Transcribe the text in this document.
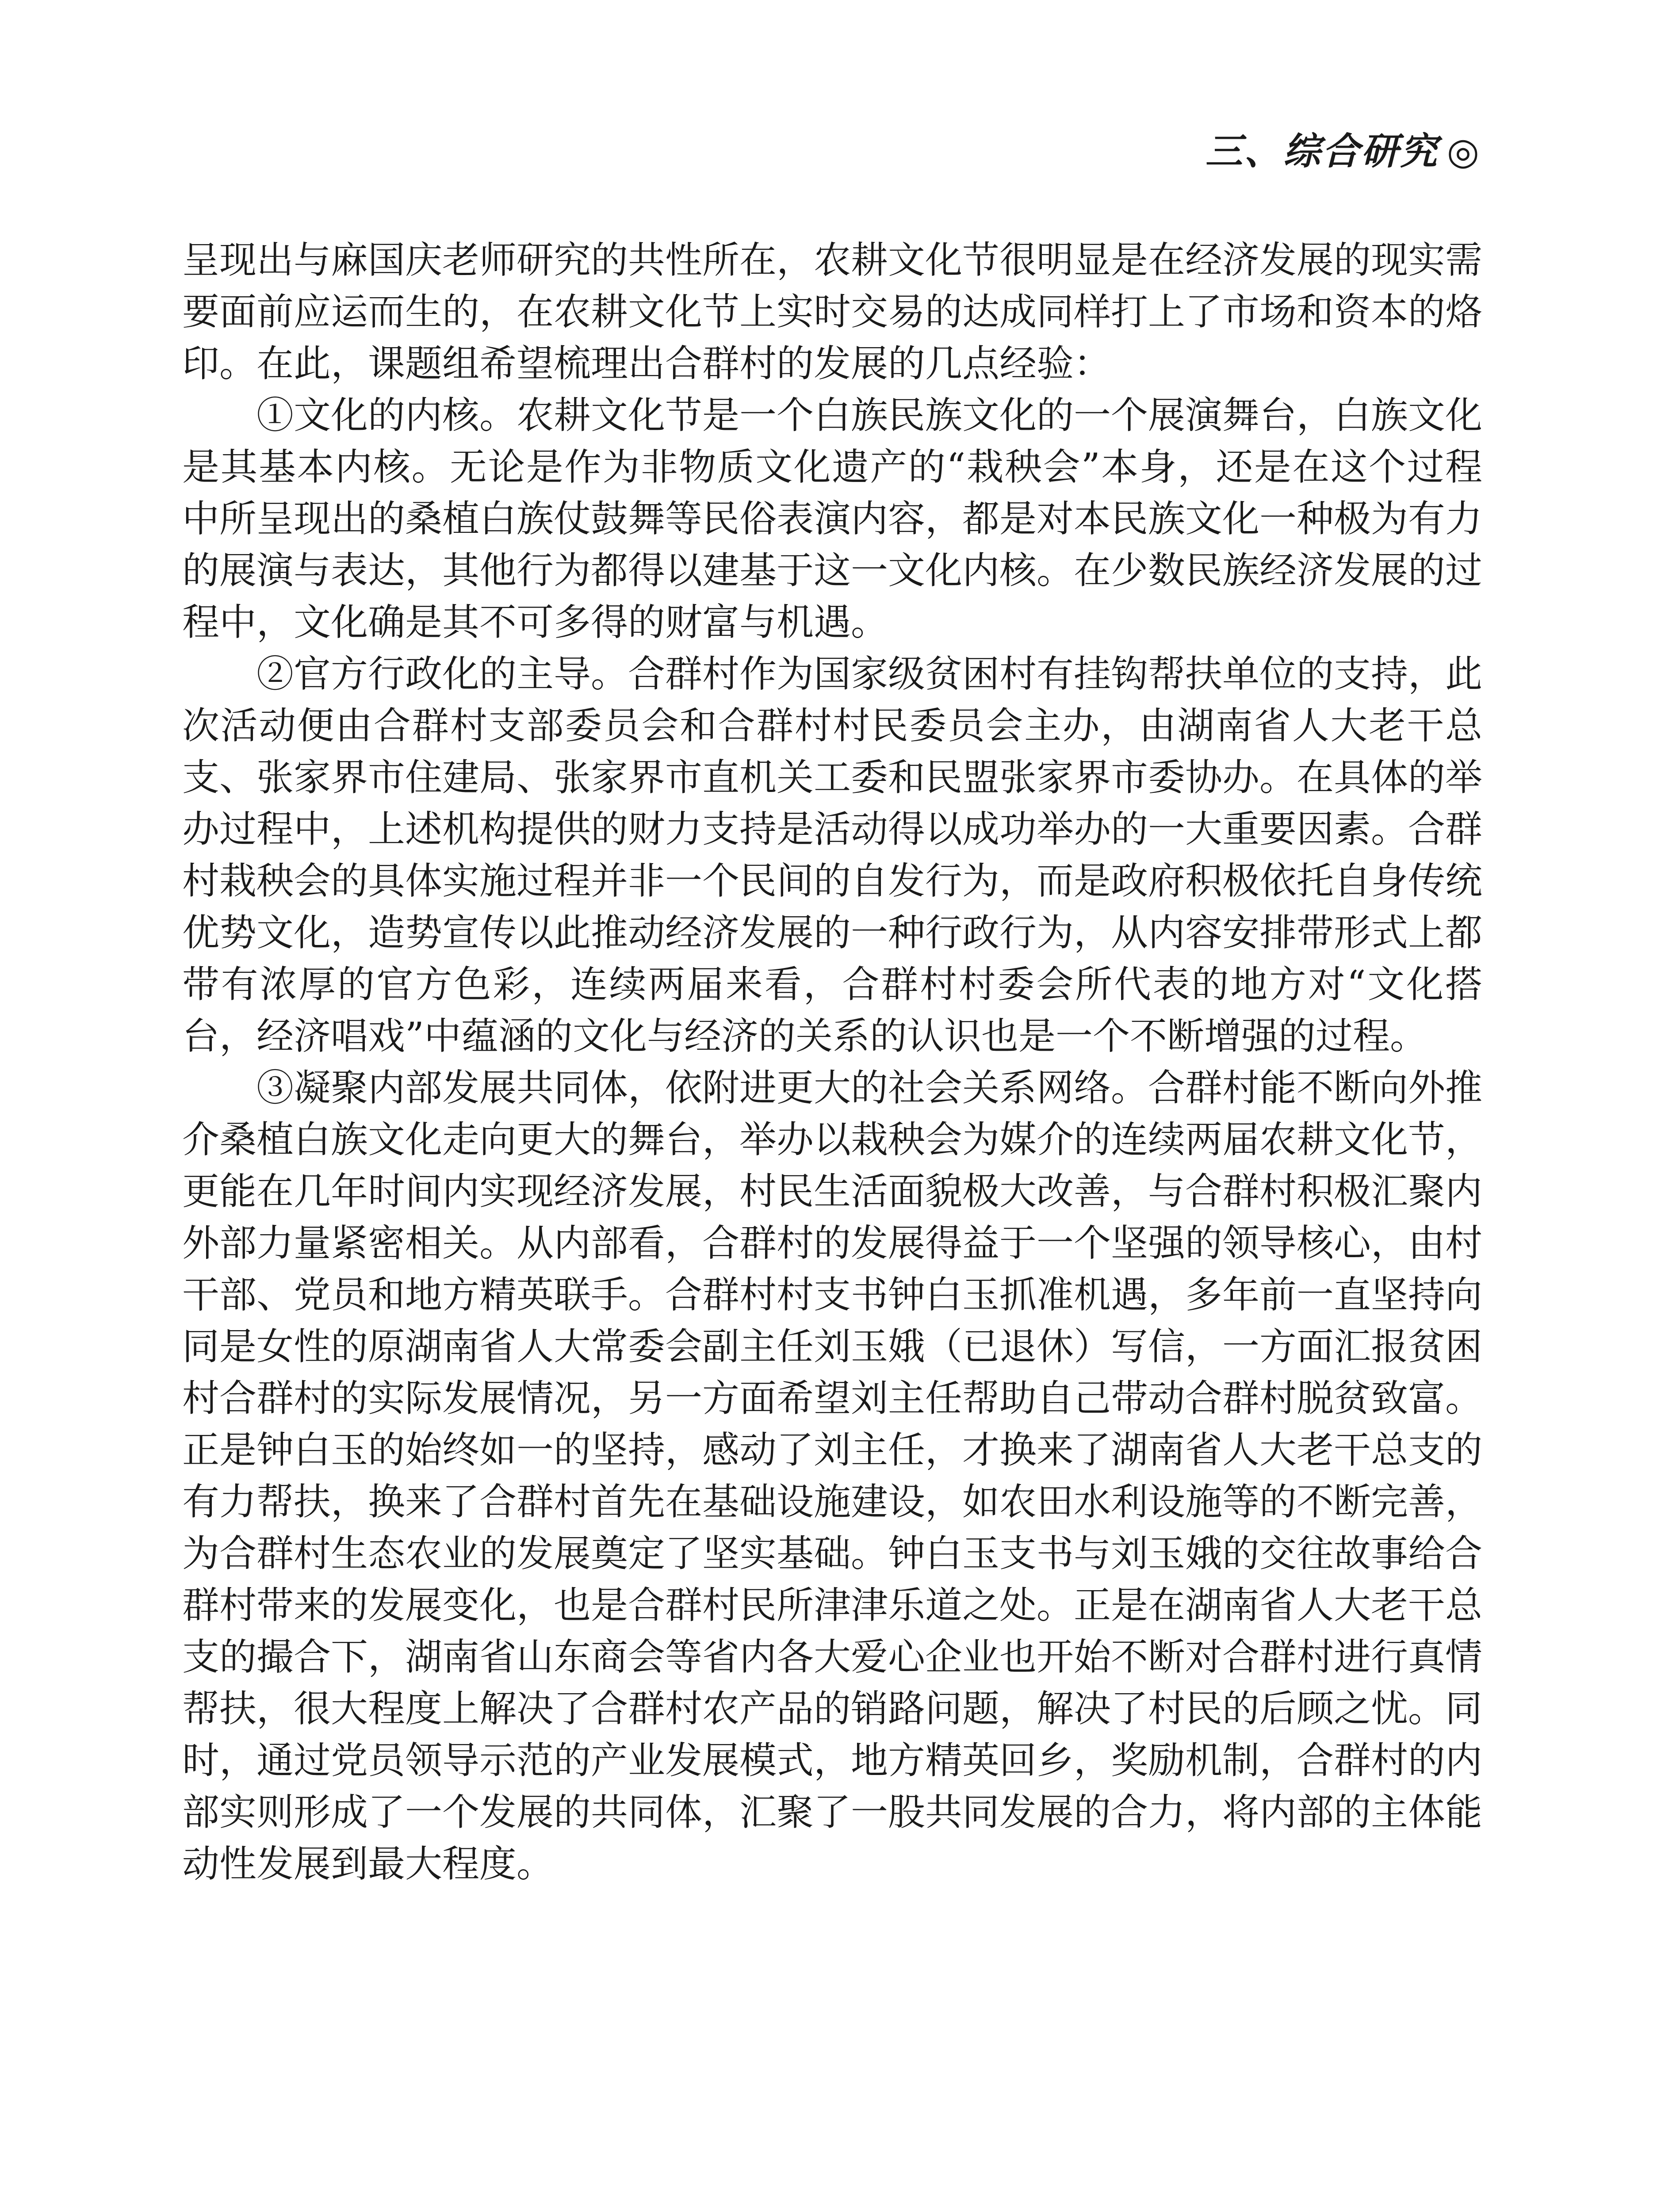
三、综合研究 ◎

呈现出与麻国庆老师研究的共性所在，农耕文化节很明显是在经济发展的现实需要面前应运而生的，在农耕文化节上实时交易的达成同样打上了市场和资本的烙印。在此，课题组希望梳理出合群村的发展的几点经验：

①文化的内核。农耕文化节是一个白族民族文化的一个展演舞台，白族文化是其基本内核。无论是作为非物质文化遗产的“栽秧会”本身，还是在这个过程中所呈现出的桑植白族仗鼓舞等民俗表演内容，都是对本民族文化一种极为有力的展演与表达，其他行为都得以建基于这一文化内核。在少数民族经济发展的过程中，文化确是其不可多得的财富与机遇。

②官方行政化的主导。合群村作为国家级贫困村有挂钩帮扶单位的支持，此次活动便由合群村支部委员会和合群村村民委员会主办，由湖南省人大老干总支、张家界市住建局、张家界市直机关工委和民盟张家界市委协办。在具体的举办过程中，上述机构提供的财力支持是活动得以成功举办的一大重要因素。合群村栽秧会的具体实施过程并非一个民间的自发行为，而是政府积极依托自身传统优势文化，造势宣传以此推动经济发展的一种行政行为，从内容安排带形式上都带有浓厚的官方色彩，连续两届来看，合群村村委会所代表的地方对“文化搭台，经济唱戏”中蕴涵的文化与经济的关系的认识也是一个不断增强的过程。

③凝聚内部发展共同体，依附进更大的社会关系网络。合群村能不断向外推介桑植白族文化走向更大的舞台，举办以栽秧会为媒介的连续两届农耕文化节，更能在几年时间内实现经济发展，村民生活面貌极大改善，与合群村积极汇聚内外部力量紧密相关。从内部看，合群村的发展得益于一个坚强的领导核心，由村干部、党员和地方精英联手。合群村村支书钟白玉抓准机遇，多年前一直坚持向同是女性的原湖南省人大常委会副主任刘玉娥（已退休）写信，一方面汇报贫困村合群村的实际发展情况，另一方面希望刘主任帮助自己带动合群村脱贫致富。正是钟白玉的始终如一的坚持，感动了刘主任，才换来了湖南省人大老干总支的有力帮扶，换来了合群村首先在基础设施建设，如农田水利设施等的不断完善，为合群村生态农业的发展奠定了坚实基础。钟白玉支书与刘玉娥的交往故事给合群村带来的发展变化，也是合群村民所津津乐道之处。正是在湖南省人大老干总支的撮合下，湖南省山东商会等省内各大爱心企业也开始不断对合群村进行真情帮扶，很大程度上解决了合群村农产品的销路问题，解决了村民的后顾之忧。同时，通过党员领导示范的产业发展模式，地方精英回乡，奖励机制，合群村的内部实则形成了一个发展的共同体，汇聚了一股共同发展的合力，将内部的主体能动性发展到最大程度。
